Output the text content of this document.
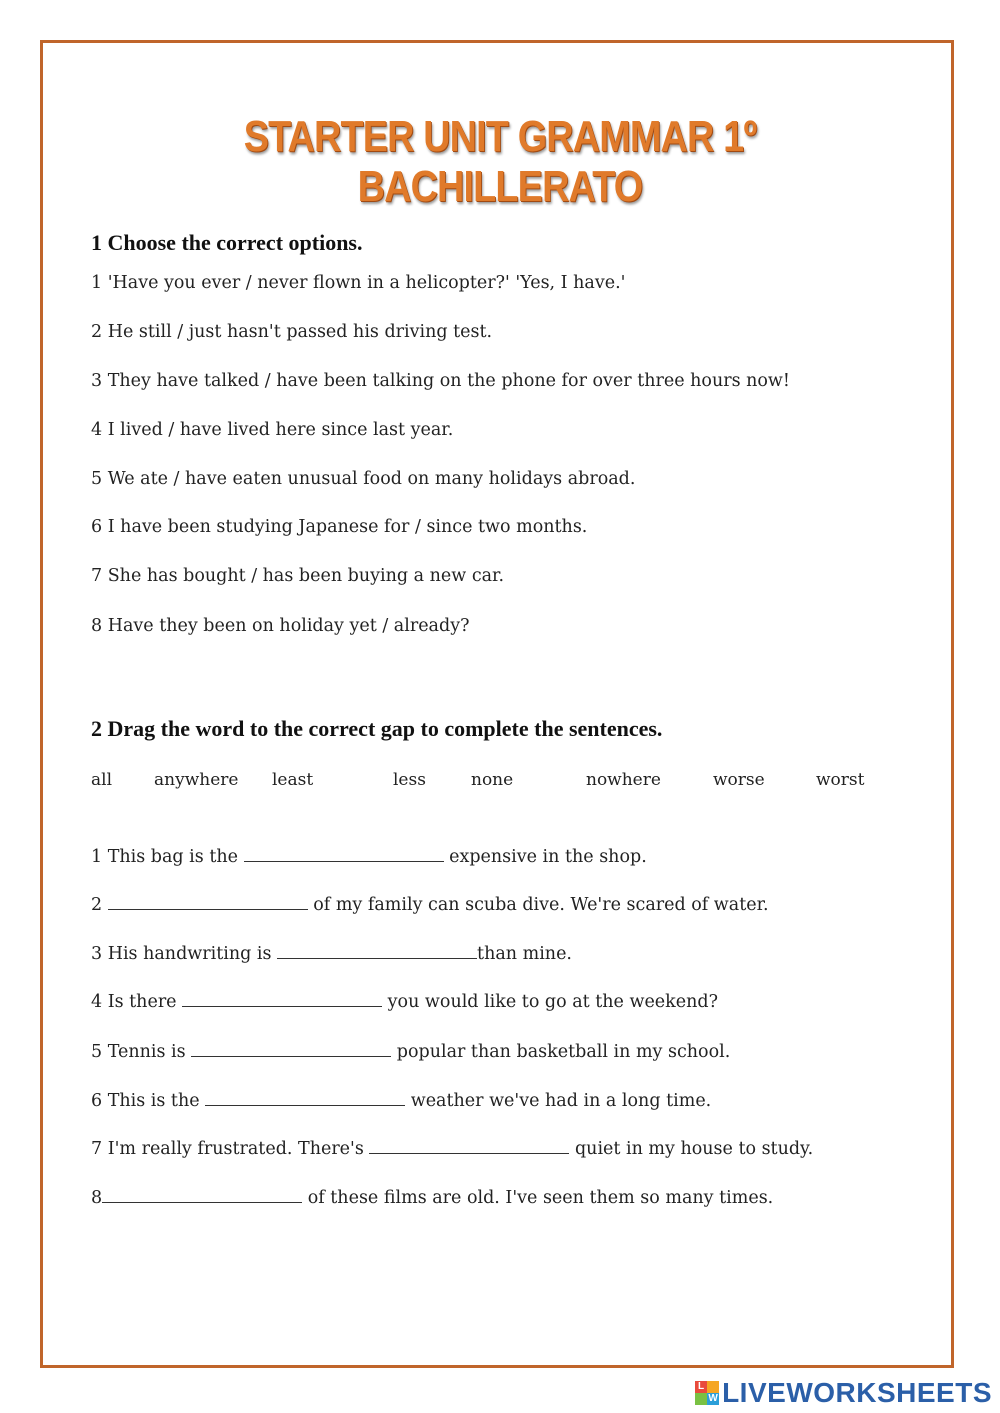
STARTER UNIT GRAMMAR 1º BACHILLERATO
1 Choose the correct options.
1 'Have you ever / never flown in a helicopter?' 'Yes, I have.'
2 He still / just hasn't passed his driving test.
3 They have talked / have been talking on the phone for over three hours now!
4 I lived / have lived here since last year.
5 We ate / have eaten unusual food on many holidays abroad.
6 I have been studying Japanese for / since two months.
7 She has bought / has been buying a new car.
8 Have they been on holiday yet / already?
2 Drag the word to the correct gap to complete the sentences.
all anywhere least	less	none	nowhere	worse	worst
1 This bag is the	expensive in the shop.
2	of my family can scuba dive. We're scared of water.
3 His handwriting is	than mine.
4 Is there	you would like to go at the weekend?
5 Tennis is	popular than basketball in my school.
6 This is the	weather we've had in a long time.
7 I'm really frustrated. There's	quiet in my house to study.
8	of these films are old. I've seen them so many times.
L
W LIVEWORKSHEETS
